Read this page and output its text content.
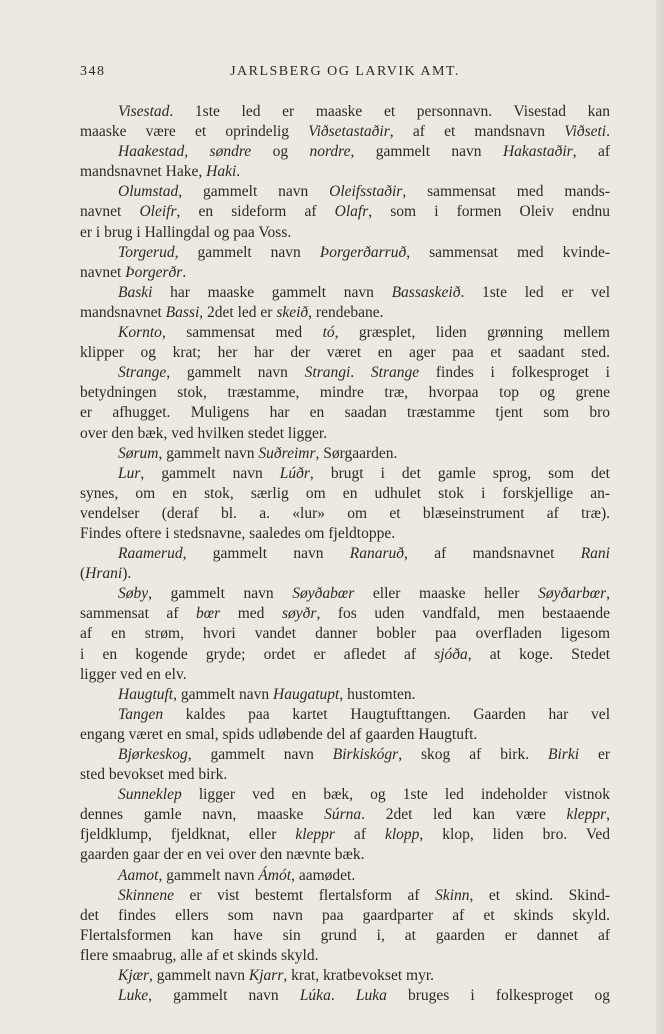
348	JARLSBERG OG LARVIK AMT.
Visestad. 1ste led er maaske et personnavn. Visestad kan
maaske være et oprindelig Viðsetastaðir, af et mandsnavn Viðseti.
Haakestad, søndre og nordre, gammelt navn Hakastaðir, af
mandsnavnet Hake, Haki.
Olumstad, gammelt navn Oleifsstaðir, sammensat med mands-
navnet Oleifr, en sideform af Olafr, som i formen Oleiv endnu
er i brug i Hallingdal og paa Voss.
Torgerud, gammelt navn Þorgerðarruð, sammensat med kvinde-
navnet Þorgerðr.
Baski har maaske gammelt navn Bassaskeið. 1ste led er vel
mandsnavnet Bassi, 2det led er skeið, rendebane.
Kornto, sammensat med tó, græsplet, liden grønning mellem
klipper og krat; her har der været en ager paa et saadant sted.
Strange, gammelt navn Strangi. Strange findes i folkesproget i
betydningen stok, træstamme, mindre træ, hvorpaa top og grene
er afhugget. Muligens har en saadan træstamme tjent som bro
over den bæk, ved hvilken stedet ligger.
Sørum, gammelt navn Suðreimr, Sørgaarden.
Lur, gammelt navn Lúðr, brugt i det gamle sprog, som det
synes, om en stok, særlig om en udhulet stok i forskjellige an-
vendelser (deraf bl. a. «lur» om et blæseinstrument af træ).
Findes oftere i stedsnavne, saaledes om fjeldtoppe.
Raamerud, gammelt navn Ranaruð, af mandsnavnet Rani
(Hrani).
Søby, gammelt navn Søyðabœr eller maaske heller Søyðarbœr,
sammensat af bœr med søyðr, fos uden vandfald, men bestaaende
af en strøm, hvori vandet danner bobler paa overfladen ligesom
i en kogende gryde; ordet er afledet af sjóða, at koge. Stedet
ligger ved en elv.
Haugtuft, gammelt navn Haugatupt, hustomten.
Tangen kaldes paa kartet Haugtufttangen. Gaarden har vel
engang været en smal, spids udløbende del af gaarden Haugtuft.
Bjørkeskog, gammelt navn Birkiskógr, skog af birk. Birki er
sted bevokset med birk.
Sunneklep ligger ved en bæk, og 1ste led indeholder vistnok
dennes gamle navn, maaske Súrna. 2det led kan være kleppr,
fjeldklump, fjeldknat, eller kleppr af klopp, klop, liden bro. Ved
gaarden gaar der en vei over den nævnte bæk.
Aamot, gammelt navn Ámót, aamødet.
Skinnene er vist bestemt flertalsform af Skinn, et skind. Skind-
det findes ellers som navn paa gaardparter af et skinds skyld.
Flertalsformen kan have sin grund i, at gaarden er dannet af
flere smaabrug, alle af et skinds skyld.
Kjær, gammelt navn Kjarr, krat, kratbevokset myr.
Luke, gammelt navn Lúka. Luka bruges i folkesproget og
